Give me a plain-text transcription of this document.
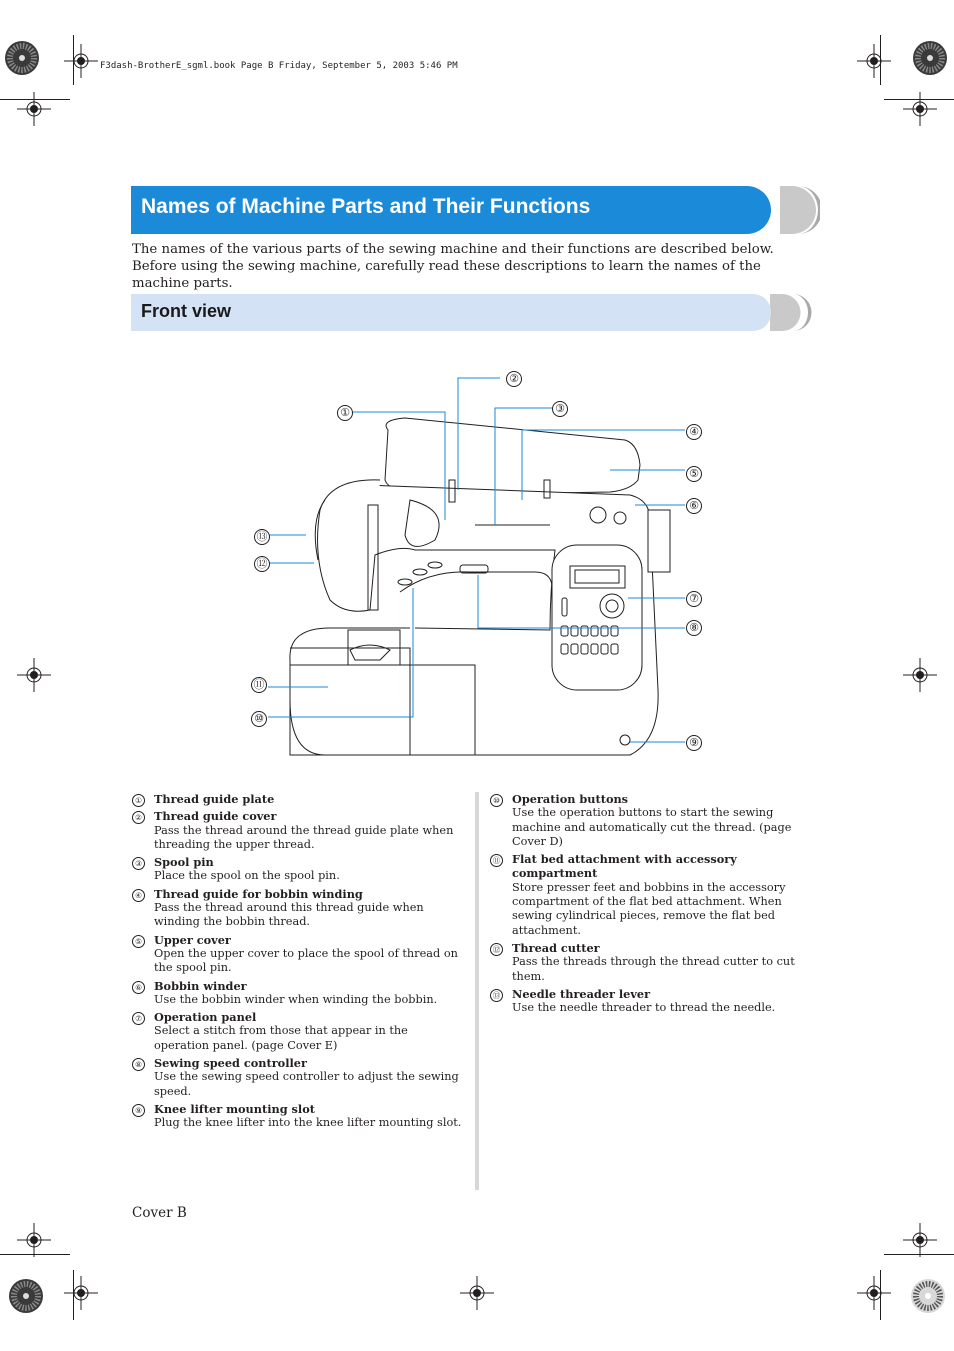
F3dash-BrotherE_sgml.book Page B Friday, September 5, 2003 5:46 PM
Names of Machine Parts and Their Functions
The names of the various parts of the sewing machine and their functions are described below. Before using the sewing machine, carefully read these descriptions to learn the names of the machine parts.
Front view
①
②
③
④
⑤
⑥
⑦
⑧
⑨
⑩
⑪
⑫
⑬
① Thread guide plate
② Thread guide cover
Pass the thread around the thread guide plate when threading the upper thread.
③ Spool pin
Place the spool on the spool pin.
④ Thread guide for bobbin winding
Pass the thread around this thread guide when winding the bobbin thread.
⑤ Upper cover
Open the upper cover to place the spool of thread on the spool pin.
⑥ Bobbin winder
Use the bobbin winder when winding the bobbin.
⑦ Operation panel
Select a stitch from those that appear in the operation panel. (page Cover E)
⑧ Sewing speed controller
Use the sewing speed controller to adjust the sewing speed.
⑨ Knee lifter mounting slot
Plug the knee lifter into the knee lifter mounting slot.
⑩ Operation buttons
Use the operation buttons to start the sewing machine and automatically cut the thread. (page Cover D)
⑪ Flat bed attachment with accessory compartment
Store presser feet and bobbins in the accessory compartment of the flat bed attachment. When sewing cylindrical pieces, remove the flat bed attachment.
⑫ Thread cutter
Pass the threads through the thread cutter to cut them.
⑬ Needle threader lever
Use the needle threader to thread the needle.
Cover B
